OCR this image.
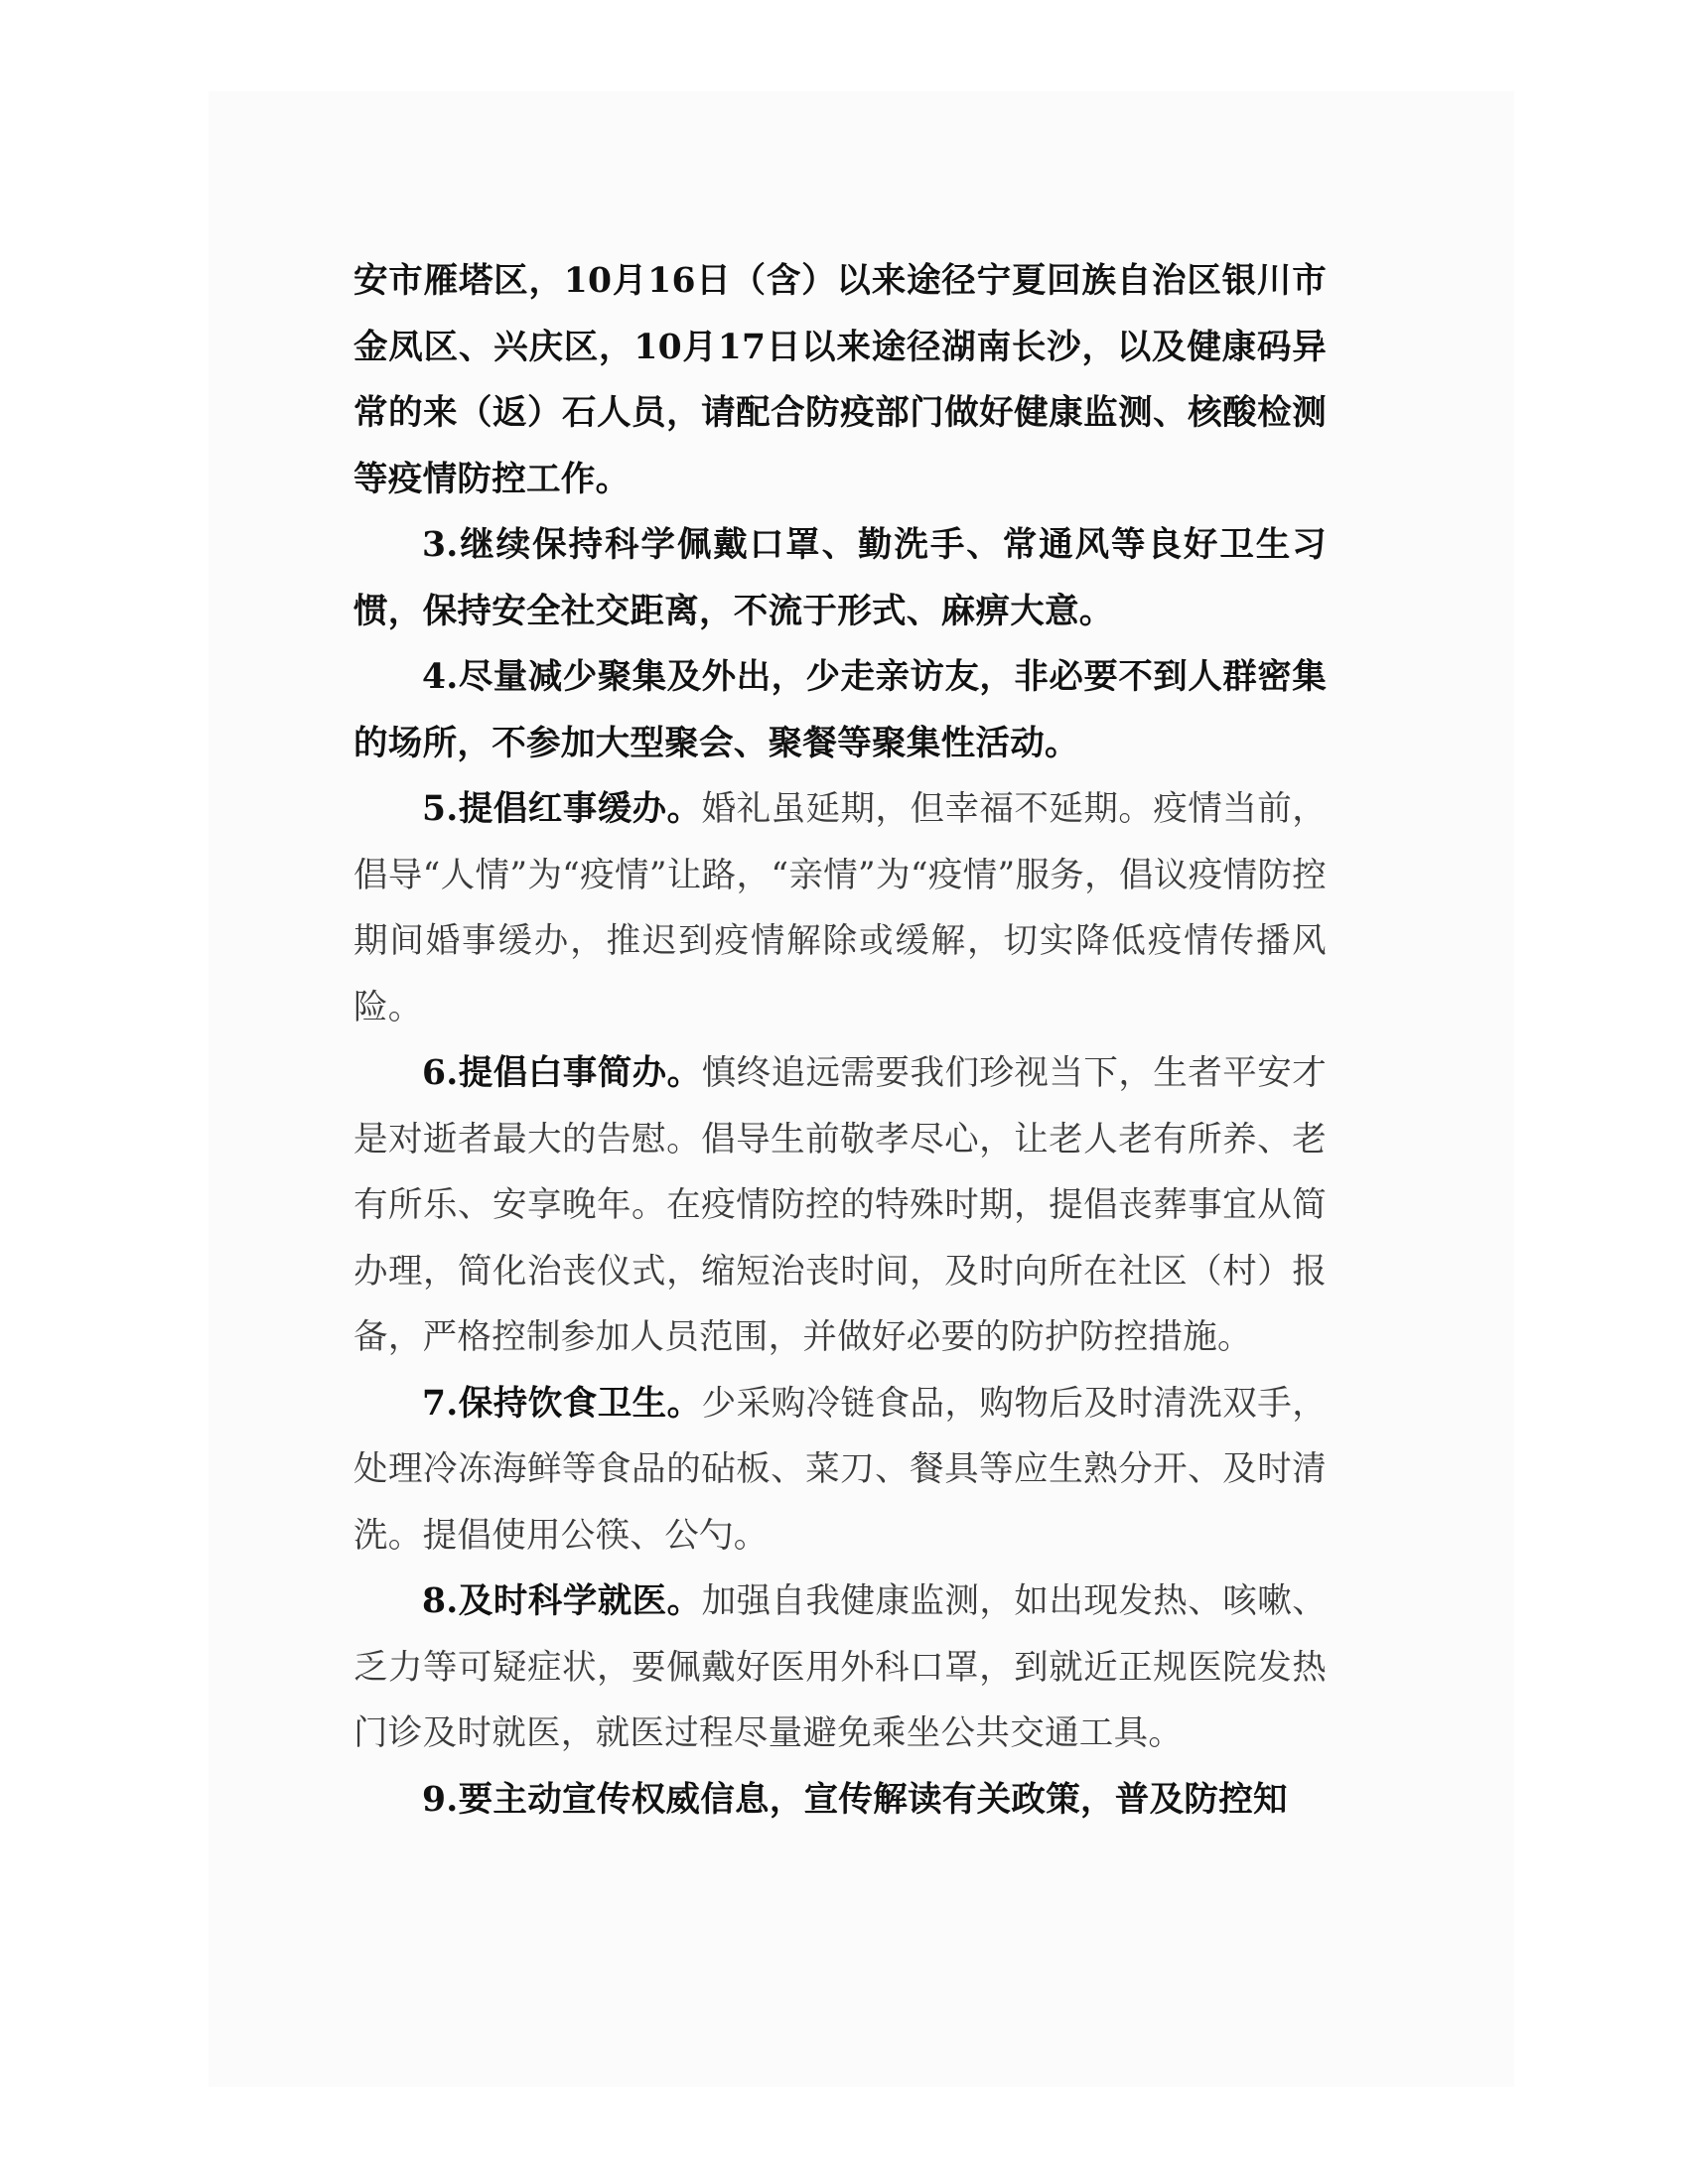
安市雁塔区，10月16日（含）以来途径宁夏回族自治区银川市金凤区、兴庆区，10月17日以来途径湖南长沙，以及健康码异常的来（返）石人员，请配合防疫部门做好健康监测、核酸检测等疫情防控工作。

3.继续保持科学佩戴口罩、勤洗手、常通风等良好卫生习惯，保持安全社交距离，不流于形式、麻痹大意。

4.尽量减少聚集及外出，少走亲访友，非必要不到人群密集的场所，不参加大型聚会、聚餐等聚集性活动。

5.提倡红事缓办。婚礼虽延期，但幸福不延期。疫情当前，倡导“人情”为“疫情”让路，“亲情”为“疫情”服务，倡议疫情防控期间婚事缓办，推迟到疫情解除或缓解，切实降低疫情传播风险。

6.提倡白事简办。慎终追远需要我们珍视当下，生者平安才是对逝者最大的告慰。倡导生前敬孝尽心，让老人老有所养、老有所乐、安享晚年。在疫情防控的特殊时期，提倡丧葬事宜从简办理，简化治丧仪式，缩短治丧时间，及时向所在社区（村）报备，严格控制参加人员范围，并做好必要的防护防控措施。

7.保持饮食卫生。少采购冷链食品，购物后及时清洗双手，处理冷冻海鲜等食品的砧板、菜刀、餐具等应生熟分开、及时清洗。提倡使用公筷、公勺。

8.及时科学就医。加强自我健康监测，如出现发热、咳嗽、乏力等可疑症状，要佩戴好医用外科口罩，到就近正规医院发热门诊及时就医，就医过程尽量避免乘坐公共交通工具。

9.要主动宣传权威信息，宣传解读有关政策，普及防控知
